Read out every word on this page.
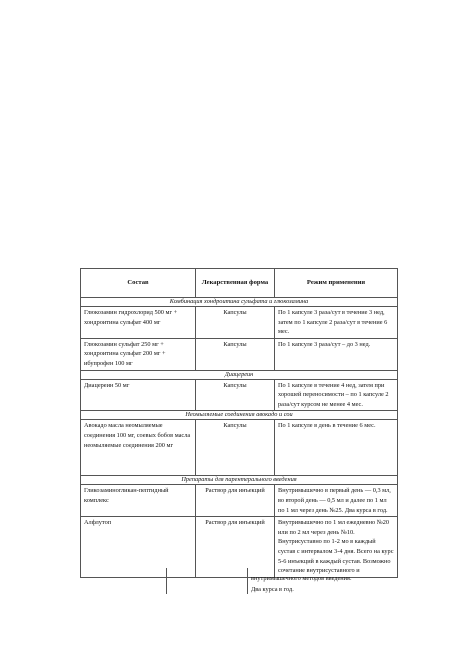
Состав	Лекарственная форма	Режим применения
Комбинация хондроитина сульфата и глюкозамина		
Глюкозамин гидрохлорид 500 мг + хондроитина сульфат 400 мг	Капсулы	По 1 капсуле 3 раза/сут в течение 3 нед, затем по 1 капсуле 2 раза/сут в течение 6 мес.
Глюкозамин сульфат 250 мг + хондроитина сульфат 200 мг + ибупрофен 100 мг	Капсулы	По 1 капсуле 3 раза/сут – до 3 нед.
Диацереин		
Диацереин 50 мг	Капсулы	По 1 капсуле в течение 4 нед, затем при хорошей переносимости – по 1 капсуле 2 раза/сут курсом не менее 4 мес.
Неомыляемые соединения авокадо и сои		
Авокадо масла неомыляемые соединения 100 мг, соевых бобов масла неомыляемые соединения 200 мг	Капсулы	По 1 капсуле в день в течение 6 мес.
Препараты для парентерального введения		
Гликозаминогликан-пептидный комплекс	Раствор для инъекций	Внутримышечно в первый день — 0,3 мл, во второй день — 0,5 мл и далее по 1 мл по 1 мл через день №25. Два курса в год.
Алфлутоп	Раствор для инъекций	Внутримышечно по 1 мл ежедневно №20 или по 2 мл через день №10. Внутрисуставно по 1-2 мо в каждый сустав с интервалом 3-4 дня. Всего на курс 5-6 инъекций в каждый сустав. Возможно сочетание внутрисуставного и
внутримышечного методов введения.
Два курса в год.
